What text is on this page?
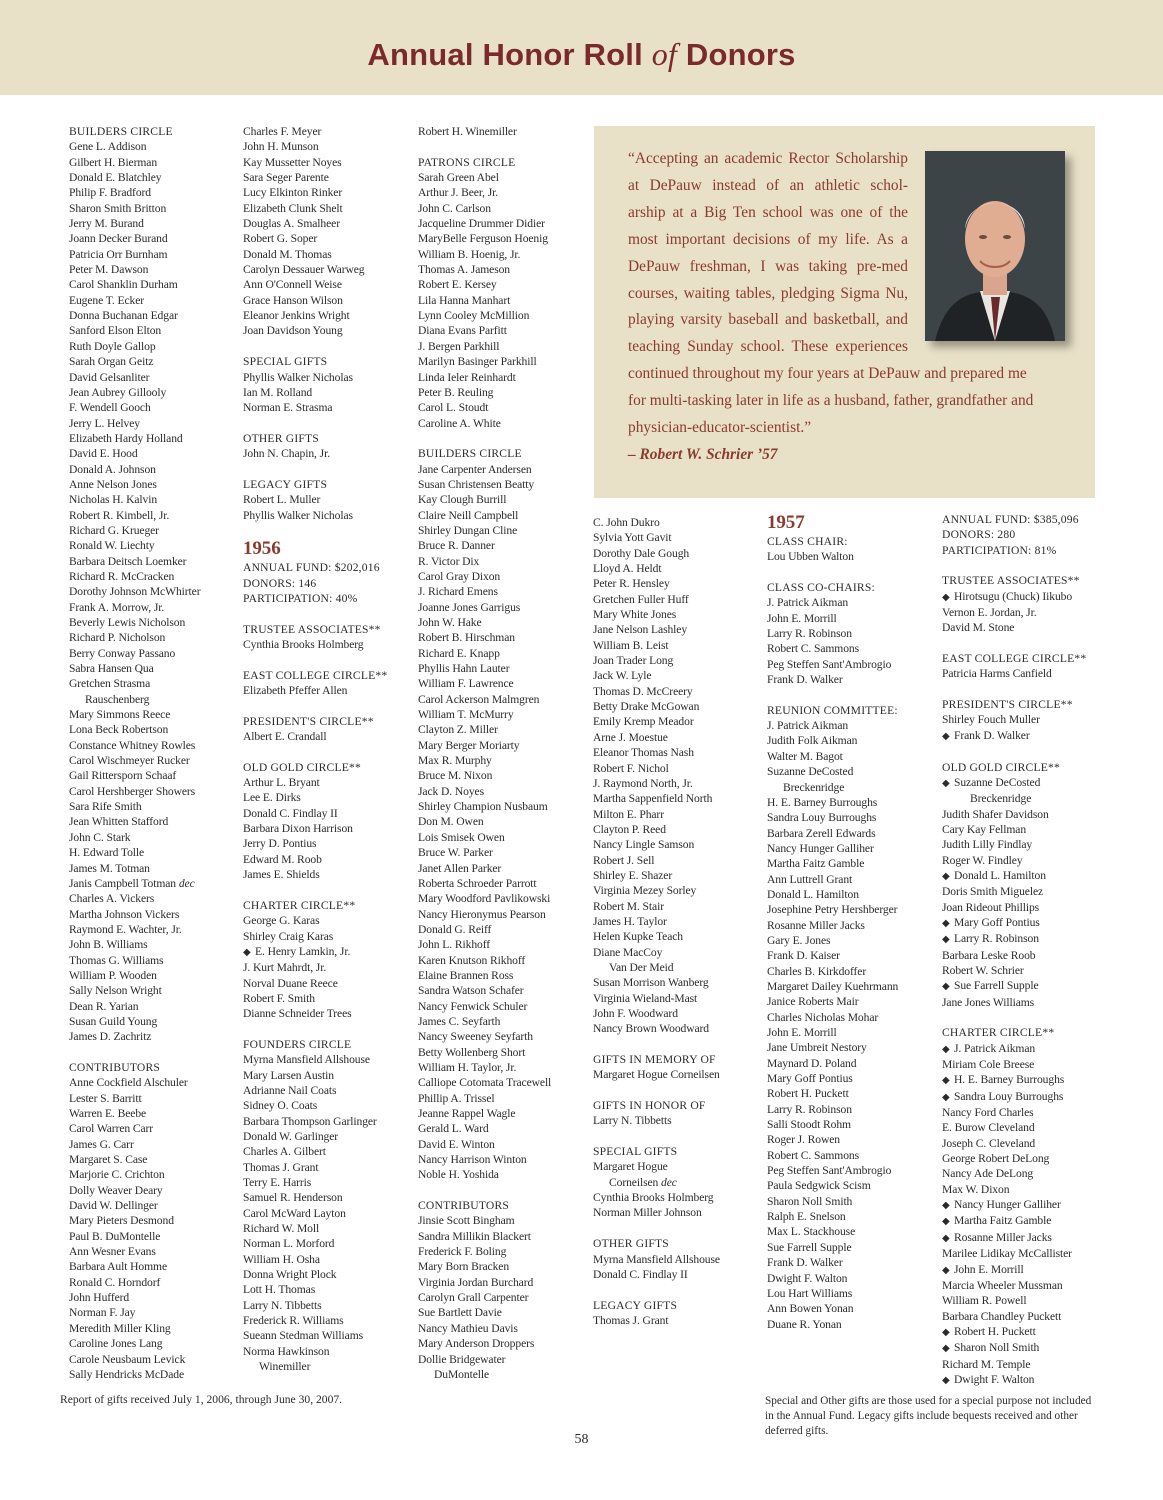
Annual Honor Roll of Donors
BUILDERS CIRCLE
Gene L. Addison
Gilbert H. Bierman
Donald E. Blatchley
Philip F. Bradford
Sharon Smith Britton
Jerry M. Burand
Joann Decker Burand
Patricia Orr Burnham
Peter M. Dawson
Carol Shanklin Durham
Eugene T. Ecker
Donna Buchanan Edgar
Sanford Elson Elton
Ruth Doyle Gallop
Sarah Organ Geitz
David Gelsanliter
Jean Aubrey Gillooly
F. Wendell Gooch
Jerry L. Helvey
Elizabeth Hardy Holland
David E. Hood
Donald A. Johnson
Anne Nelson Jones
Nicholas H. Kalvin
Robert R. Kimbell, Jr.
Richard G. Krueger
Ronald W. Liechty
Barbara Deitsch Loemker
Richard R. McCracken
Dorothy Johnson McWhirter
Frank A. Morrow, Jr.
Beverly Lewis Nicholson
Richard P. Nicholson
Berry Conway Passano
Sabra Hansen Qua
Gretchen Strasma
Rauschenberg
Mary Simmons Reece
Lona Beck Robertson
Constance Whitney Rowles
Carol Wischmeyer Rucker
Gail Rittersporn Schaaf
Carol Hershberger Showers
Sara Rife Smith
Jean Whitten Stafford
John C. Stark
H. Edward Tolle
James M. Totman
Janis Campbell Totman dec
Charles A. Vickers
Martha Johnson Vickers
Raymond E. Wachter, Jr.
John B. Williams
Thomas G. Williams
William P. Wooden
Sally Nelson Wright
Dean R. Yarian
Susan Guild Young
James D. Zachritz
CONTRIBUTORS
Anne Cockfield Alschuler
Lester S. Barritt
Warren E. Beebe
Carol Warren Carr
James G. Carr
Margaret S. Case
Marjorie C. Crichton
Dolly Weaver Deary
David W. Dellinger
Mary Pieters Desmond
Paul B. DuMontelle
Ann Wesner Evans
Barbara Ault Homme
Ronald C. Horndorf
John Hufferd
Norman F. Jay
Meredith Miller Kling
Caroline Jones Lang
Carole Neusbaum Levick
Sally Hendricks McDade
Charles F. Meyer
John H. Munson
Kay Mussetter Noyes
Sara Seger Parente
Lucy Elkinton Rinker
Elizabeth Clunk Shelt
Douglas A. Smalheer
Robert G. Soper
Donald M. Thomas
Carolyn Dessauer Warweg
Ann O'Connell Weise
Grace Hanson Wilson
Eleanor Jenkins Wright
Joan Davidson Young
SPECIAL GIFTS
Phyllis Walker Nicholas
Ian M. Rolland
Norman E. Strasma
OTHER GIFTS
John N. Chapin, Jr.
LEGACY GIFTS
Robert L. Muller
Phyllis Walker Nicholas
1956
ANNUAL FUND: $202,016
DONORS: 146
PARTICIPATION: 40%
TRUSTEE ASSOCIATES**
Cynthia Brooks Holmberg
EAST COLLEGE CIRCLE**
Elizabeth Pfeffer Allen
PRESIDENT'S CIRCLE**
Albert E. Crandall
OLD GOLD CIRCLE**
Arthur L. Bryant
Lee E. Dirks
Donald C. Findlay II
Barbara Dixon Harrison
Jerry D. Pontius
Edward M. Roob
James E. Shields
CHARTER CIRCLE**
George G. Karas
Shirley Craig Karas
◆ E. Henry Lamkin, Jr.
J. Kurt Mahrdt, Jr.
Norval Duane Reece
Robert F. Smith
Dianne Schneider Trees
FOUNDERS CIRCLE
Myrna Mansfield Allshouse
Mary Larsen Austin
Adrianne Nail Coats
Sidney O. Coats
Barbara Thompson Garlinger
Donald W. Garlinger
Charles A. Gilbert
Thomas J. Grant
Terry E. Harris
Samuel R. Henderson
Carol McWard Layton
Richard W. Moll
Norman L. Morford
William H. Osha
Donna Wright Plock
Lott H. Thomas
Larry N. Tibbetts
Frederick R. Williams
Sueann Stedman Williams
Norma Hawkinson
Winemiller
Robert H. Winemiller
PATRONS CIRCLE
Sarah Green Abel
Arthur J. Beer, Jr.
John C. Carlson
Jacqueline Drummer Didier
MaryBelle Ferguson Hoenig
William B. Hoenig, Jr.
Thomas A. Jameson
Robert E. Kersey
Lila Hanna Manhart
Lynn Cooley McMillion
Diana Evans Parfitt
J. Bergen Parkhill
Marilyn Basinger Parkhill
Linda Ieler Reinhardt
Peter B. Reuling
Carol L. Stoudt
Caroline A. White
BUILDERS CIRCLE
Jane Carpenter Andersen
Susan Christensen Beatty
Kay Clough Burrill
Claire Neill Campbell
Shirley Dungan Cline
Bruce R. Danner
R. Victor Dix
Carol Gray Dixon
J. Richard Emens
Joanne Jones Garrigus
John W. Hake
Robert B. Hirschman
Richard E. Knapp
Phyllis Hahn Lauter
William F. Lawrence
Carol Ackerson Malmgren
William T. McMurry
Clayton Z. Miller
Mary Berger Moriarty
Max R. Murphy
Bruce M. Nixon
Jack D. Noyes
Shirley Champion Nusbaum
Don M. Owen
Lois Smisek Owen
Bruce W. Parker
Janet Allen Parker
Roberta Schroeder Parrott
Mary Woodford Pavlikowski
Nancy Hieronymus Pearson
Donald G. Reiff
John L. Rikhoff
Karen Knutson Rikhoff
Elaine Brannen Ross
Sandra Watson Schafer
Nancy Fenwick Schuler
James C. Seyfarth
Nancy Sweeney Seyfarth
Betty Wollenberg Short
William H. Taylor, Jr.
Calliope Cotomata Tracewell
Phillip A. Trissel
Jeanne Rappel Wagle
Gerald L. Ward
David E. Winton
Nancy Harrison Winton
Noble H. Yoshida
CONTRIBUTORS
Jinsie Scott Bingham
Sandra Millikin Blackert
Frederick F. Boling
Mary Born Bracken
Virginia Jordan Burchard
Carolyn Grall Carpenter
Sue Bartlett Davie
Nancy Mathieu Davis
Mary Anderson Droppers
Dollie Bridgewater
DuMontelle
C. John Dukro
Sylvia Yott Gavit
Dorothy Dale Gough
Lloyd A. Heldt
Peter R. Hensley
Gretchen Fuller Huff
Mary White Jones
Jane Nelson Lashley
William B. Leist
Joan Trader Long
Jack W. Lyle
Thomas D. McCreery
Betty Drake McGowan
Emily Kremp Meador
Arne J. Moestue
Eleanor Thomas Nash
Robert F. Nichol
J. Raymond North, Jr.
Martha Sappenfield North
Milton E. Pharr
Clayton P. Reed
Nancy Lingle Samson
Robert J. Sell
Shirley E. Shazer
Virginia Mezey Sorley
Robert M. Stair
James H. Taylor
Helen Kupke Teach
Diane MacCoy
Van Der Meid
Susan Morrison Wanberg
Virginia Wieland-Mast
John F. Woodward
Nancy Brown Woodward
GIFTS IN MEMORY OF
Margaret Hogue Corneilsen
GIFTS IN HONOR OF
Larry N. Tibbetts
SPECIAL GIFTS
Margaret Hogue
Corneilsen dec
Cynthia Brooks Holmberg
Norman Miller Johnson
OTHER GIFTS
Myrna Mansfield Allshouse
Donald C. Findlay II
LEGACY GIFTS
Thomas J. Grant
1957
CLASS CHAIR:
Lou Ubben Walton
CLASS CO-CHAIRS:
J. Patrick Aikman
John E. Morrill
Larry R. Robinson
Robert C. Sammons
Peg Steffen Sant'Ambrogio
Frank D. Walker
REUNION COMMITTEE:
J. Patrick Aikman
Judith Folk Aikman
Walter M. Bagot
Suzanne DeCosted
Breckenridge
H. E. Barney Burroughs
Sandra Louy Burroughs
Barbara Zerell Edwards
Nancy Hunger Galliher
Martha Faitz Gamble
Ann Luttrell Grant
Donald L. Hamilton
Josephine Petry Hershberger
Rosanne Miller Jacks
Gary E. Jones
Frank D. Kaiser
Charles B. Kirkdoffer
Margaret Dailey Kuehrmann
Janice Roberts Mair
Charles Nicholas Mohar
John E. Morrill
Jane Umbreit Nestory
Maynard D. Poland
Mary Goff Pontius
Robert H. Puckett
Larry R. Robinson
Salli Stoodt Rohm
Roger J. Rowen
Robert C. Sammons
Peg Steffen Sant'Ambrogio
Paula Sedgwick Scism
Sharon Noll Smith
Ralph E. Snelson
Max L. Stackhouse
Sue Farrell Supple
Frank D. Walker
Dwight F. Walton
Lou Hart Williams
Ann Bowen Yonan
Duane R. Yonan
ANNUAL FUND: $385,096
DONORS: 280
PARTICIPATION: 81%
TRUSTEE ASSOCIATES**
◆ Hirotsugu (Chuck) Iikubo
Vernon E. Jordan, Jr.
David M. Stone
EAST COLLEGE CIRCLE**
Patricia Harms Canfield
PRESIDENT'S CIRCLE**
Shirley Fouch Muller
◆ Frank D. Walker
OLD GOLD CIRCLE**
◆ Suzanne DeCosted
Breckenridge
Judith Shafer Davidson
Cary Kay Fellman
Judith Lilly Findlay
Roger W. Findley
◆ Donald L. Hamilton
Doris Smith Miguelez
Joan Rideout Phillips
◆ Mary Goff Pontius
◆ Larry R. Robinson
Barbara Leske Roob
Robert W. Schrier
◆ Sue Farrell Supple
Jane Jones Williams
CHARTER CIRCLE**
◆ J. Patrick Aikman
Miriam Cole Breese
◆ H. E. Barney Burroughs
◆ Sandra Louy Burroughs
Nancy Ford Charles
E. Burow Cleveland
Joseph C. Cleveland
George Robert DeLong
Nancy Ade DeLong
Max W. Dixon
◆ Nancy Hunger Galliher
◆ Martha Faitz Gamble
◆ Rosanne Miller Jacks
Marilee Lidikay McCallister
◆ John E. Morrill
Marcia Wheeler Mussman
William R. Powell
Barbara Chandley Puckett
◆ Robert H. Puckett
◆ Sharon Noll Smith
Richard M. Temple
◆ Dwight F. Walton
“Accepting an academic Rector Scholarship
at DePauw instead of an athletic schol-
arship at a Big Ten school was one of the
most important decisions of my life. As a
DePauw freshman, I was taking pre-med
courses, waiting tables, pledging Sigma Nu,
playing varsity baseball and basketball, and
teaching Sunday school. These experiences
continued throughout my four years at DePauw and prepared me
for multi-tasking later in life as a husband, father, grandfather and
physician-educator-scientist.”
– Robert W. Schrier ’57
Report of gifts received July 1, 2006, through June 30, 2007.
58
Special and Other gifts are those used for a special purpose not included in the Annual Fund. Legacy gifts include bequests received and other deferred gifts.
